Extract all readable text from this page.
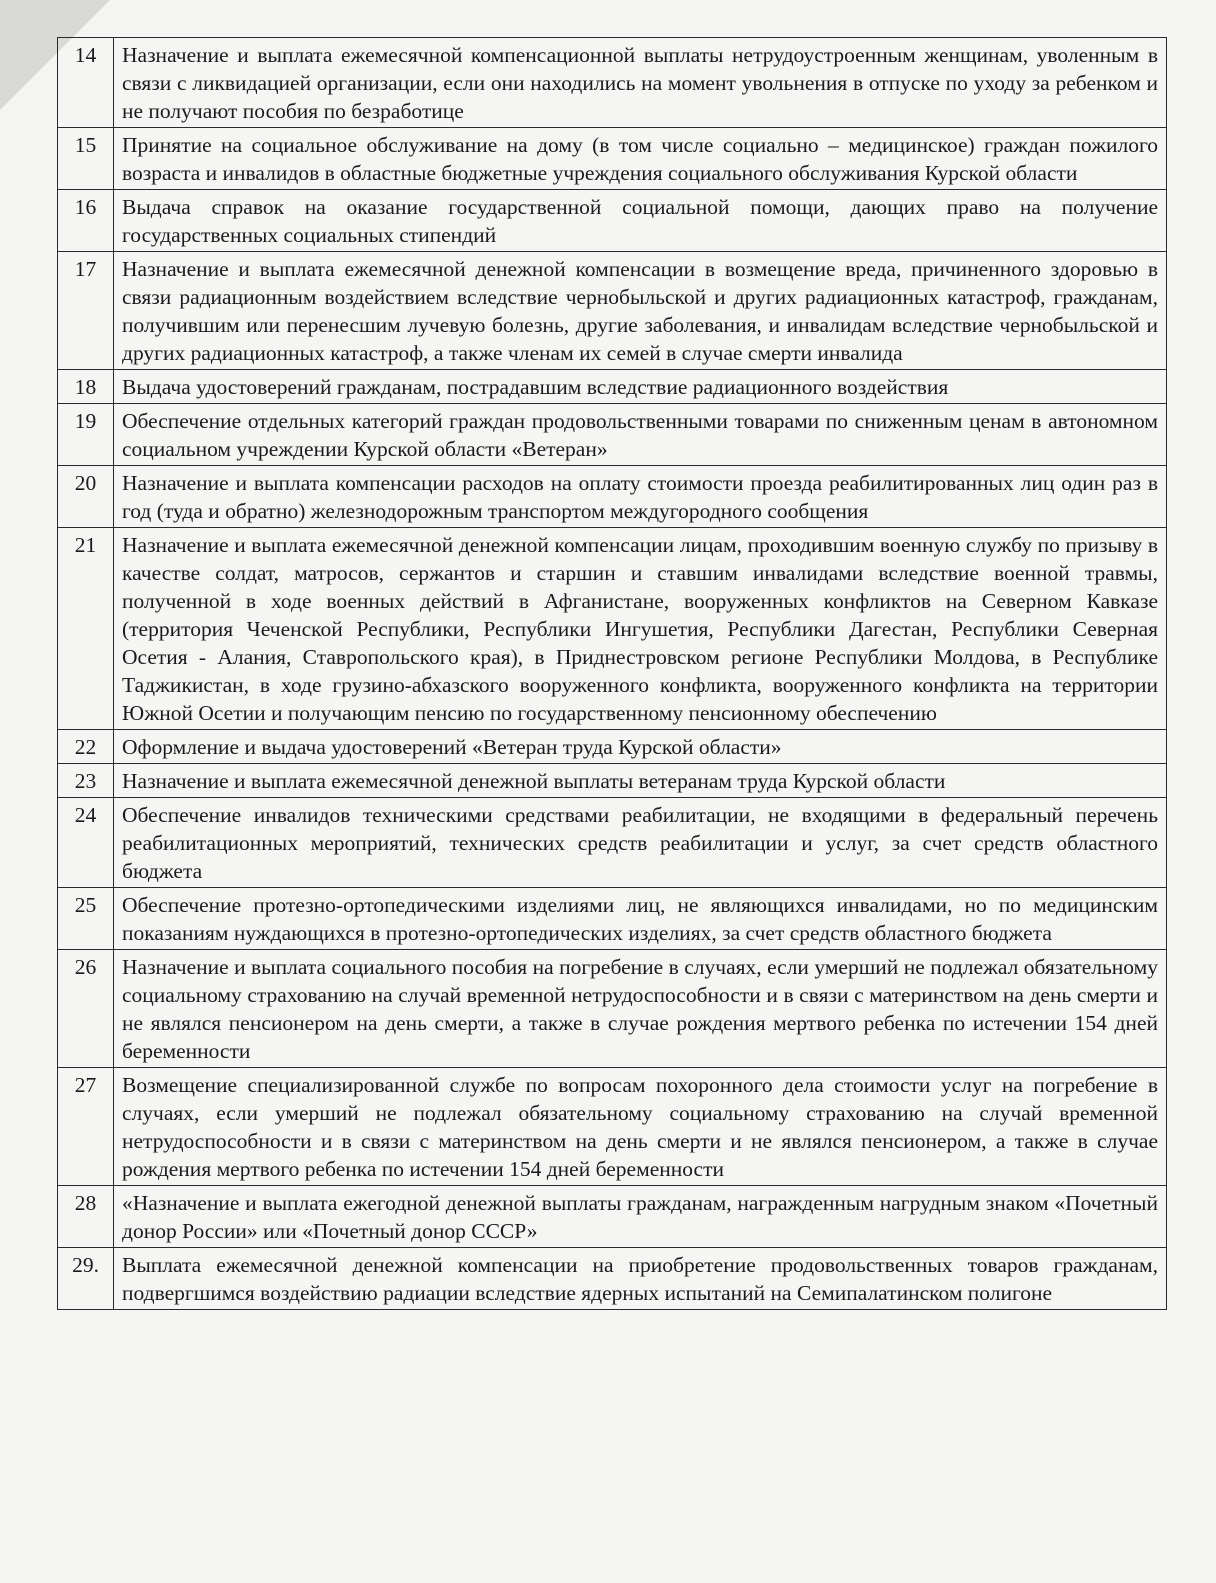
14	Назначение и выплата ежемесячной компенсационной выплаты нетрудоустроенным женщинам, уволенным в связи с ликвидацией организации, если они находились на момент увольнения в отпуске по уходу за ребенком и не получают пособия по безработице
15	Принятие на социальное обслуживание на дому (в том числе социально – медицинское) граждан пожилого возраста и инвалидов в областные бюджетные учреждения социального обслуживания Курской области
16	Выдача справок на оказание государственной социальной помощи, дающих право на получение государственных социальных стипендий
17	Назначение и выплата ежемесячной денежной компенсации в возмещение вреда, причиненного здоровью в связи радиационным воздействием вследствие чернобыльской и других радиационных катастроф, гражданам, получившим или перенесшим лучевую болезнь, другие заболевания, и инвалидам вследствие чернобыльской и других радиационных катастроф, а также членам их семей в случае смерти инвалида
18	Выдача удостоверений гражданам, пострадавшим вследствие радиационного воздействия
19	Обеспечение отдельных категорий граждан продовольственными товарами по сниженным ценам в автономном социальном учреждении Курской области «Ветеран»
20	Назначение и выплата компенсации расходов на оплату стоимости проезда реабилитированных лиц один раз в год (туда и обратно) железнодорожным транспортом междугородного сообщения
21	Назначение и выплата ежемесячной денежной компенсации лицам, проходившим военную службу по призыву в качестве солдат, матросов, сержантов и старшин и ставшим инвалидами вследствие военной травмы, полученной в ходе военных действий в Афганистане, вооруженных конфликтов на Северном Кавказе (территория Чеченской Республики, Республики Ингушетия, Республики Дагестан, Республики Северная Осетия - Алания, Ставропольского края), в Приднестровском регионе Республики Молдова, в Республике Таджикистан, в ходе грузино-абхазского вооруженного конфликта, вооруженного конфликта на территории Южной Осетии и получающим пенсию по государственному пенсионному обеспечению
22	Оформление и выдача удостоверений «Ветеран труда Курской области»
23	Назначение и выплата ежемесячной денежной выплаты ветеранам труда Курской области
24	Обеспечение инвалидов техническими средствами реабилитации, не входящими в федеральный перечень реабилитационных мероприятий, технических средств реабилитации и услуг, за счет средств областного бюджета
25	Обеспечение протезно-ортопедическими изделиями лиц, не являющихся инвалидами, но по медицинским показаниям нуждающихся в протезно-ортопедических изделиях, за счет средств областного бюджета
26	Назначение и выплата социального пособия на погребение в случаях, если умерший не подлежал обязательному социальному страхованию на случай временной нетрудоспособности и в связи с материнством на день смерти и не являлся пенсионером на день смерти, а также в случае рождения мертвого ребенка по истечении 154 дней беременности
27	Возмещение специализированной службе по вопросам похоронного дела стоимости услуг на погребение в случаях, если умерший не подлежал обязательному социальному страхованию на случай временной нетрудоспособности и в связи с материнством на день смерти и не являлся пенсионером, а также в случае рождения мертвого ребенка по истечении 154 дней беременности
28	«Назначение и выплата ежегодной денежной выплаты гражданам, награжденным нагрудным знаком «Почетный донор России» или «Почетный донор СССР»
29.	Выплата ежемесячной денежной компенсации на приобретение продовольственных товаров гражданам, подвергшимся воздействию радиации вследствие ядерных испытаний на Семипалатинском полигоне
